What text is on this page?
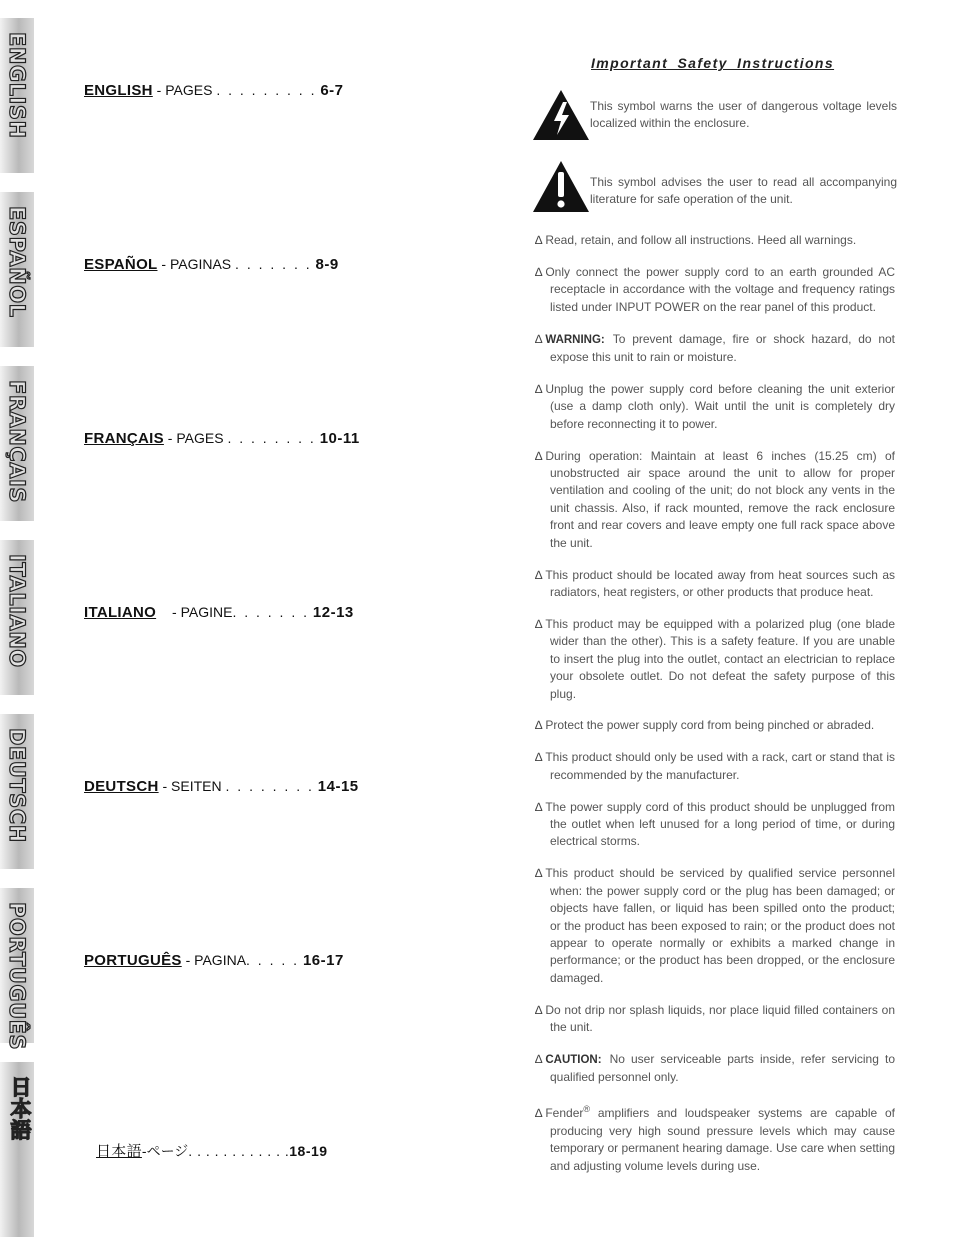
ENGLISH
ESPAÑOL
FRANÇAIS
ITALIANO
DEUTSCH
PORTUGUÊS
日本語
ENGLISH - PAGES . . . . . . . . . 6-7
ESPAÑOL - PAGINAS . . . . . . . 8-9
FRANÇAIS - PAGES . . . . . . . . 10-11
ITALIANO - PAGINE. . . . . . . 12-13
DEUTSCH - SEITEN . . . . . . . . 14-15
PORTUGUÊS - PAGINA. . . . . 16-17
日本語-ページ. . . . . . . . . . . .18-19
Important Safety Instructions
This symbol warns the user of dangerous voltage levels localized within the enclosure.
This symbol advises the user to read all accompanying literature for safe operation of the unit.
∆ Read, retain, and follow all instructions. Heed all warnings.
∆ Only connect the power supply cord to an earth grounded AC receptacle in accordance with the voltage and frequency ratings listed under INPUT POWER on the rear panel of this product.
∆ WARNING: To prevent damage, fire or shock hazard, do not expose this unit to rain or moisture.
∆ Unplug the power supply cord before cleaning the unit exterior (use a damp cloth only). Wait until the unit is completely dry before reconnecting it to power.
∆ During operation: Maintain at least 6 inches (15.25 cm) of unobstructed air space around the unit to allow for proper ventilation and cooling of the unit; do not block any vents in the unit chassis. Also, if rack mounted, remove the rack enclosure front and rear covers and leave empty one full rack space above the unit.
∆ This product should be located away from heat sources such as radiators, heat registers, or other products that produce heat.
∆ This product may be equipped with a polarized plug (one blade wider than the other). This is a safety feature. If you are unable to insert the plug into the outlet, contact an electrician to replace your obsolete outlet. Do not defeat the safety purpose of this plug.
∆ Protect the power supply cord from being pinched or abraded.
∆ This product should only be used with a rack, cart or stand that is recommended by the manufacturer.
∆ The power supply cord of this product should be unplugged from the outlet when left unused for a long period of time, or during electrical storms.
∆ This product should be serviced by qualified service personnel when: the power supply cord or the plug has been damaged; or objects have fallen, or liquid has been spilled onto the product; or the product has been exposed to rain; or the product does not appear to operate normally or exhibits a marked change in performance; or the product has been dropped, or the enclosure damaged.
∆ Do not drip nor splash liquids, nor place liquid filled containers on the unit.
∆ CAUTION: No user serviceable parts inside, refer servicing to qualified personnel only.
∆ Fender® amplifiers and loudspeaker systems are capable of producing very high sound pressure levels which may cause temporary or permanent hearing damage. Use care when setting and adjusting volume levels during use.
